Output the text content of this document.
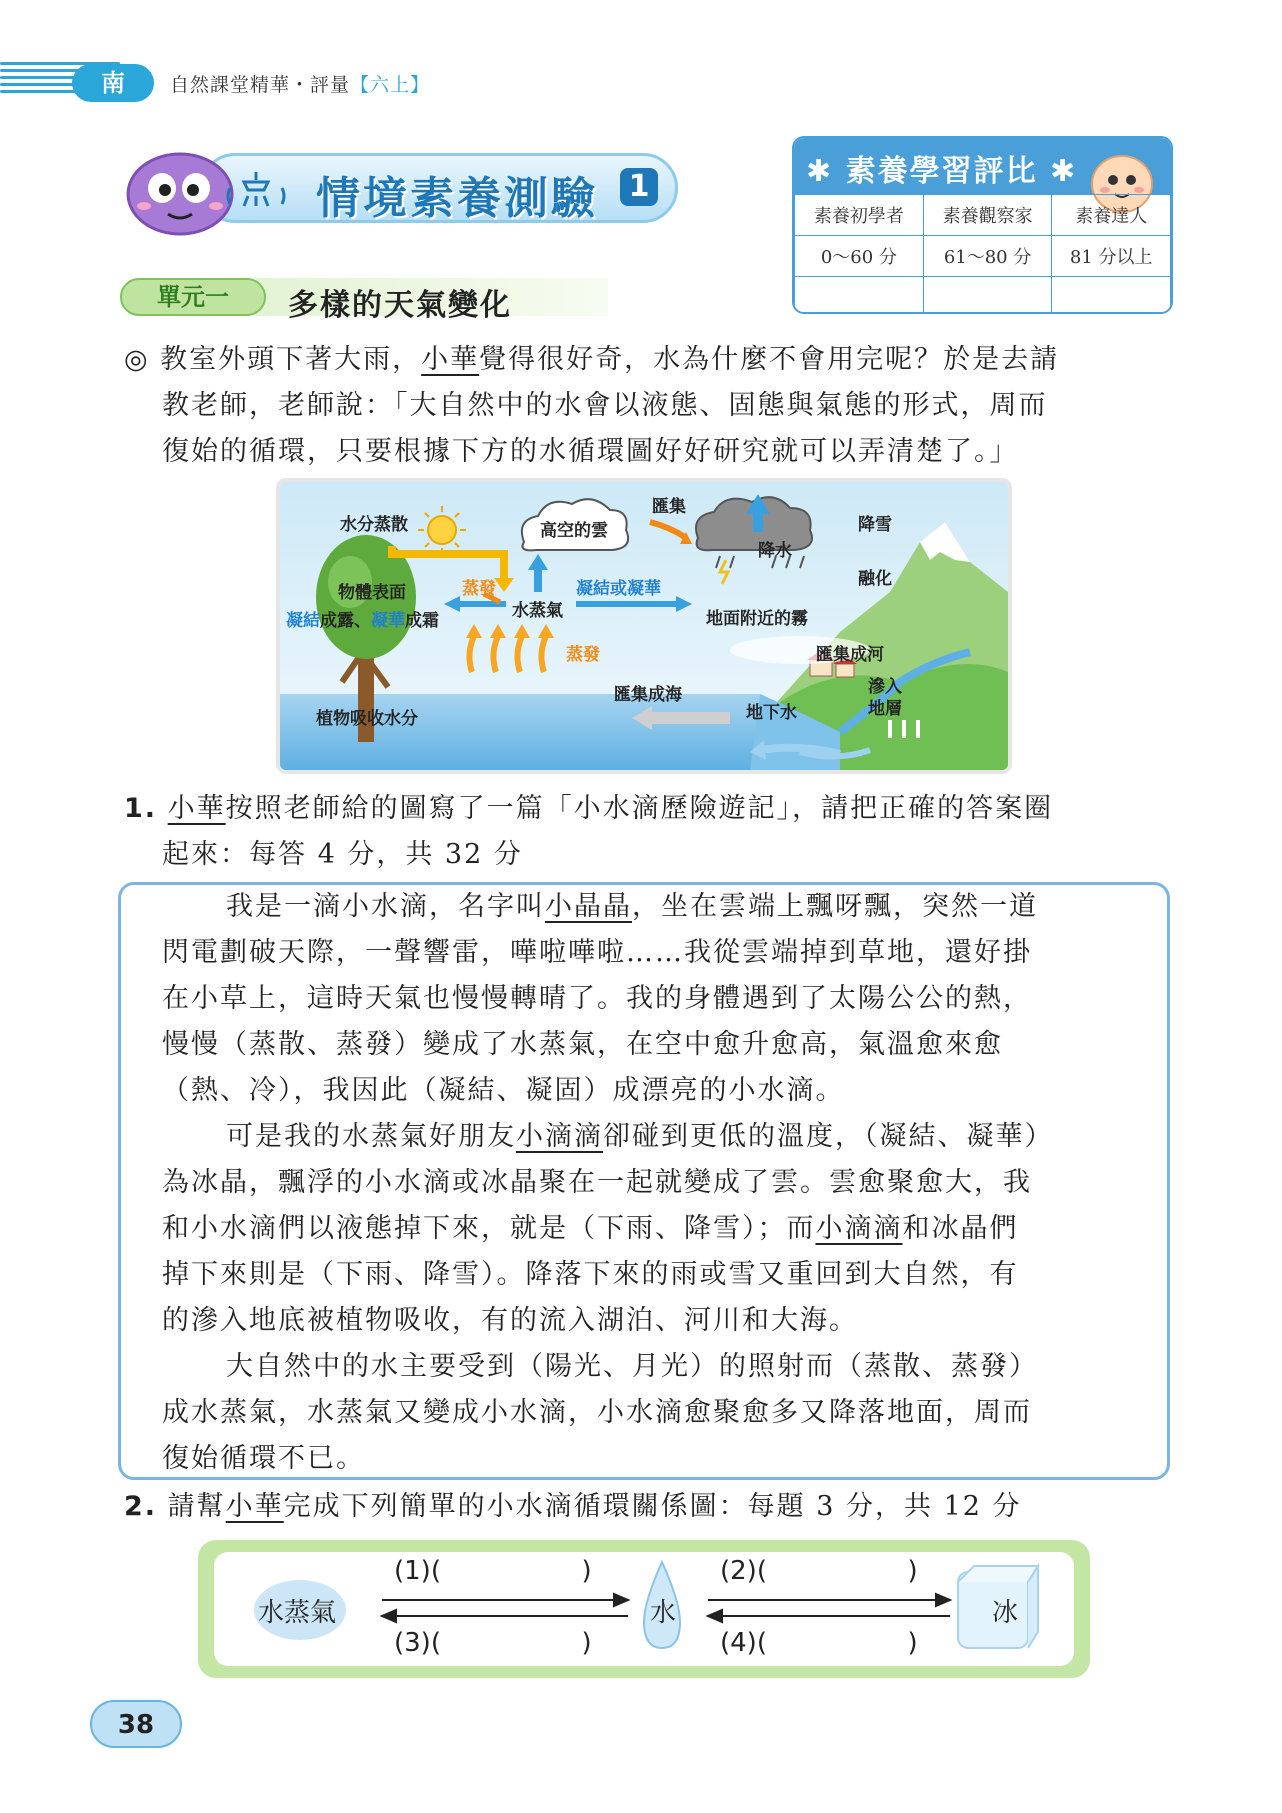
南	自然課堂精華・評量【六上】
情境素養測驗 1	✱ 素養學習評比 ✱
素養初學者	素養觀察家	素養達人
0～60 分	61～80 分	81 分以上

單元一	多樣的天氣變化
◎ 教室外頭下著大雨，小華覺得很好奇，水為什麼不會用完呢？於是去請
教老師，老師說：「大自然中的水會以液態、固態與氣態的形式，周而
復始的循環，只要根據下方的水循環圖好好研究就可以弄清楚了。」
水分蒸散	高空的雲
匯集
降雪
降水
融化
物體表面	蒸發
水蒸氣
凝結或凝華
地面附近的霧
凝結成露、凝華成霜
蒸發	匯集成河
滲入
地層
匯集成海
地下水
植物吸收水分
1. 小華按照老師給的圖寫了一篇「小水滴歷險遊記」，請把正確的答案圈
起來：每答 4 分，共 32 分
我是一滴小水滴，名字叫小晶晶，坐在雲端上飄呀飄，突然一道
閃電劃破天際，一聲響雷，嘩啦嘩啦……我從雲端掉到草地，還好掛
在小草上，這時天氣也慢慢轉晴了。我的身體遇到了太陽公公的熱，
慢慢（蒸散、蒸發）變成了水蒸氣，在空中愈升愈高，氣溫愈來愈
（熱、冷），我因此（凝結、凝固）成漂亮的小水滴。
可是我的水蒸氣好朋友小滴滴卻碰到更低的溫度，（凝結、凝華）
為冰晶，飄浮的小水滴或冰晶聚在一起就變成了雲。雲愈聚愈大，我
和小水滴們以液態掉下來，就是（下雨、降雪）；而小滴滴和冰晶們
掉下來則是（下雨、降雪）。降落下來的雨或雪又重回到大自然，有
的滲入地底被植物吸收，有的流入湖泊、河川和大海。
大自然中的水主要受到（陽光、月光）的照射而（蒸散、蒸發）
成水蒸氣，水蒸氣又變成小水滴，小水滴愈聚愈多又降落地面，周而
復始循環不已。
2. 請幫小華完成下列簡單的小水滴循環關係圖：每題 3 分，共 12 分
水蒸氣	水	冰
(1)(                 )
(3)(                 )
(2)(                 )
(4)(                 )
38
